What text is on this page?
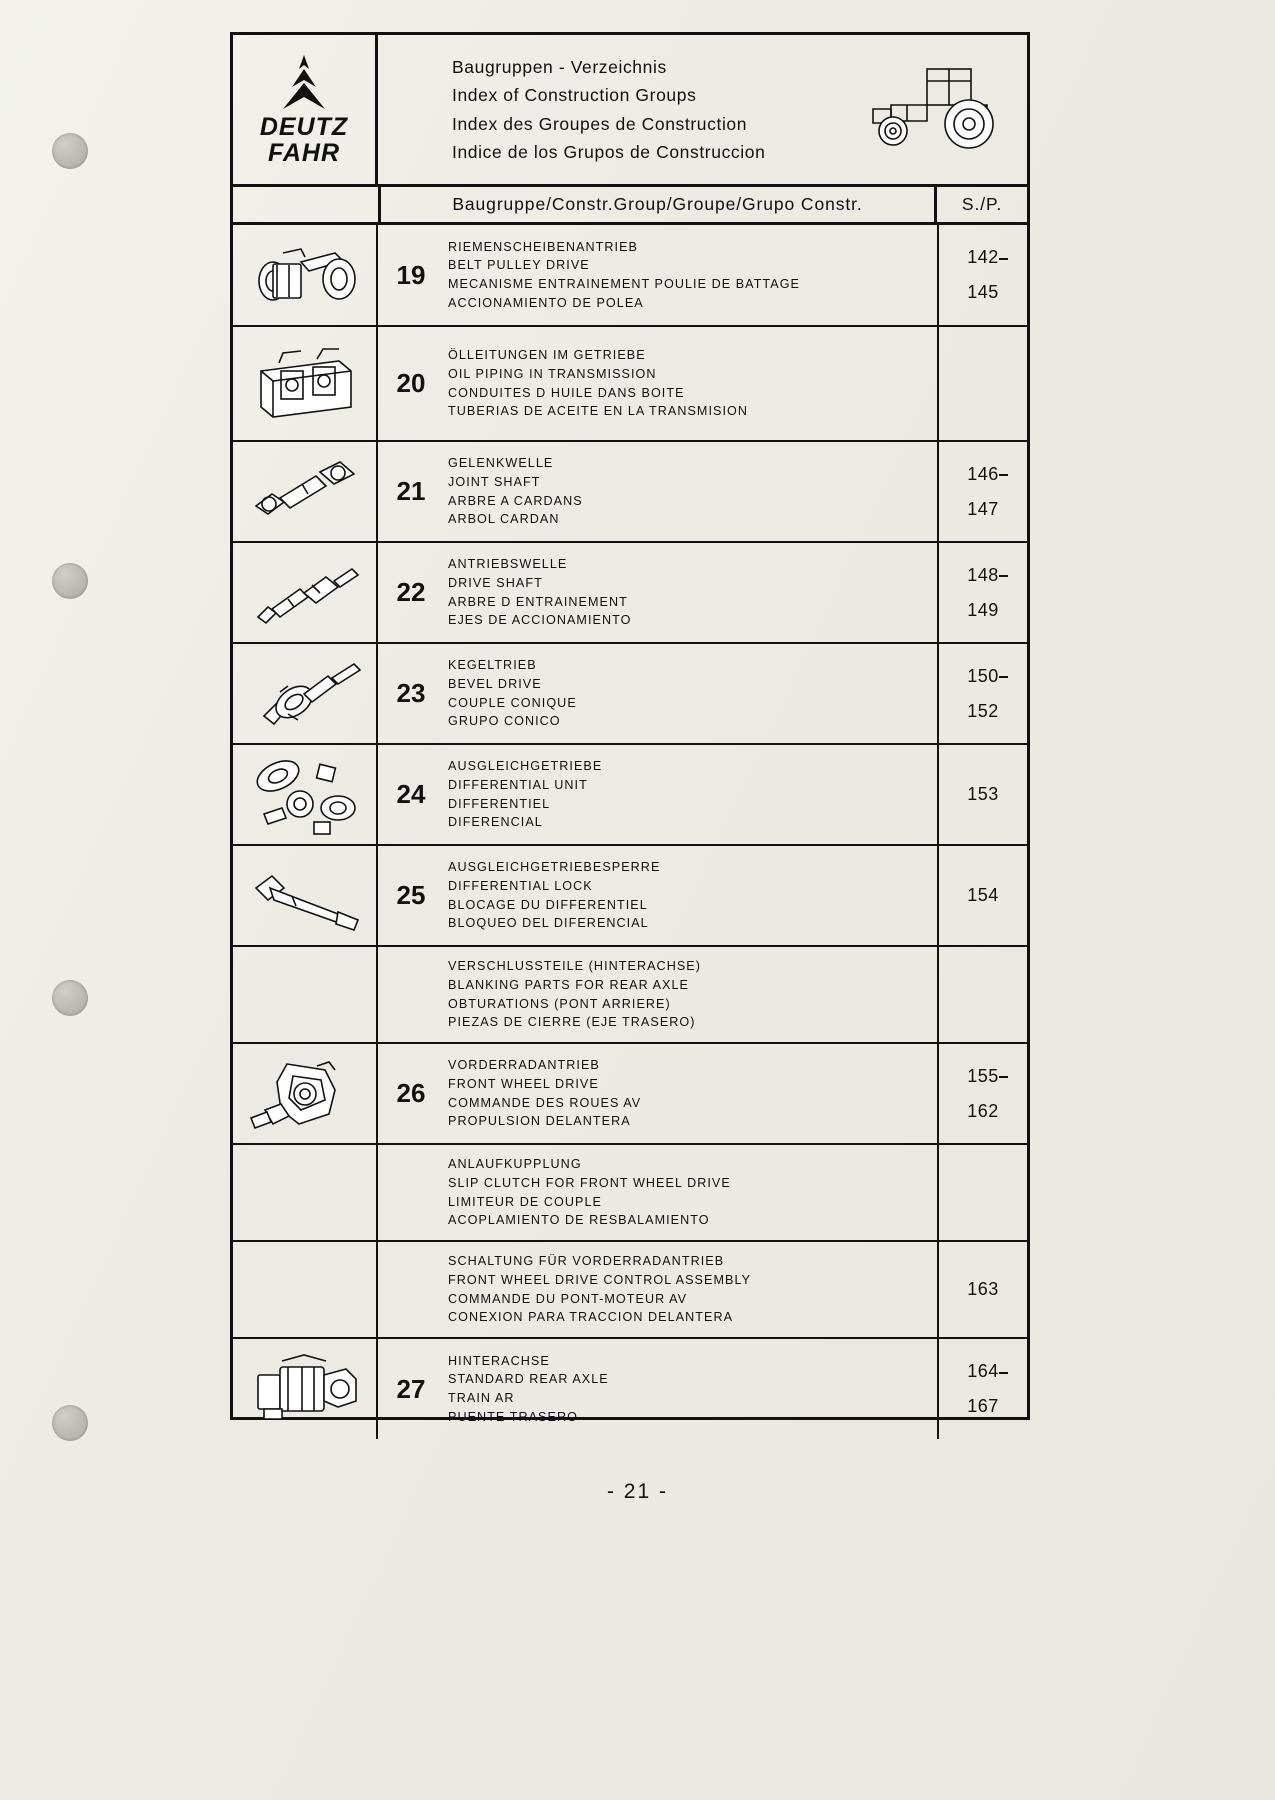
DEUTZ
FAHR
Baugruppen - Verzeichnis
Index of Construction Groups
Index des Groupes de Construction
Indice de los Grupos de Construccion
Baugruppe/Constr.Group/Groupe/Grupo Constr.	S./P.
19
RIEMENSCHEIBENANTRIEB
BELT PULLEY DRIVE
MECANISME ENTRAINEMENT POULIE DE BATTAGE
ACCIONAMIENTO DE POLEA
142
145
20
ÖLLEITUNGEN IM GETRIEBE
OIL PIPING IN TRANSMISSION
CONDUITES D HUILE DANS BOITE
TUBERIAS DE ACEITE EN LA TRANSMISION
21
GELENKWELLE
JOINT SHAFT
ARBRE A CARDANS
ARBOL CARDAN
146
147
22
ANTRIEBSWELLE
DRIVE SHAFT
ARBRE D ENTRAINEMENT
EJES DE ACCIONAMIENTO
148
149
23
KEGELTRIEB
BEVEL DRIVE
COUPLE CONIQUE
GRUPO CONICO
150
152
24
AUSGLEICHGETRIEBE
DIFFERENTIAL UNIT
DIFFERENTIEL
DIFERENCIAL
153
25
AUSGLEICHGETRIEBESPERRE
DIFFERENTIAL LOCK
BLOCAGE DU DIFFERENTIEL
BLOQUEO DEL DIFERENCIAL
154
VERSCHLUSSTEILE (HINTERACHSE)
BLANKING PARTS FOR REAR AXLE
OBTURATIONS (PONT ARRIERE)
PIEZAS DE CIERRE (EJE TRASERO)
26
VORDERRADANTRIEB
FRONT WHEEL DRIVE
COMMANDE DES ROUES AV
PROPULSION DELANTERA
155
162
ANLAUFKUPPLUNG
SLIP CLUTCH FOR FRONT WHEEL DRIVE
LIMITEUR DE COUPLE
ACOPLAMIENTO DE RESBALAMIENTO
SCHALTUNG FÜR VORDERRADANTRIEB
FRONT WHEEL DRIVE CONTROL ASSEMBLY
COMMANDE DU PONT-MOTEUR AV
CONEXION PARA TRACCION DELANTERA
163
27
HINTERACHSE
STANDARD REAR AXLE
TRAIN AR
PUENTE TRASERO
164
167
- 21 -
